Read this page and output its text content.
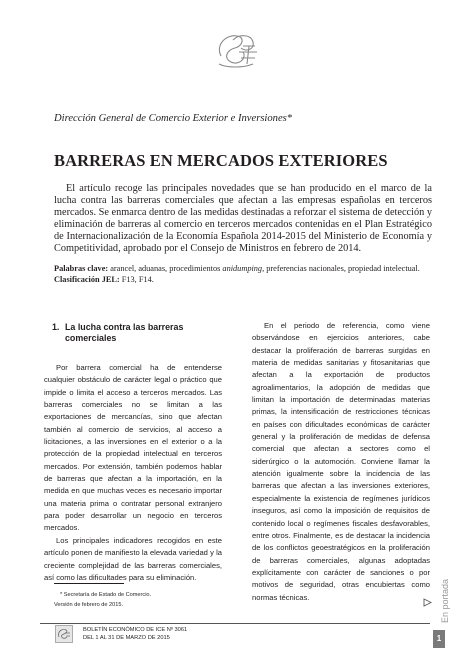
Dirección General de Comercio Exterior e Inversiones*
BARRERAS EN MERCADOS EXTERIORES

El artículo recoge las principales novedades que se han producido en el marco de la lucha contra las barreras comerciales que afectan a las empresas españolas en terceros mercados. Se enmarca dentro de las medidas destinadas a reforzar el sistema de detección y eliminación de barreras al comercio en terceros mercados contenidas en el Plan Estratégico de Internacionalización de la Economía Española 2014-2015 del Ministerio de Economía y Competitividad, aprobado por el Consejo de Ministros en febrero de 2014.

Palabras clave: arancel, aduanas, procedimientos anidumping, preferencias nacionales, propiedad intelectual.
Clasificación JEL: F13, F14.
1. La lucha contra las barreras comerciales

Por barrera comercial ha de entenderse cualquier obstáculo de carácter legal o práctico que impide o limita el acceso a terceros mercados. Las barreras comerciales no se limitan a las exportaciones de mercancías, sino que afectan también al comercio de servicios, al acceso a licitaciones, a las inversiones en el exterior o a la protección de la propiedad intelectual en terceros mercados. Por extensión, también podemos hablar de barreras que afectan a la importación, en la medida en que muchas veces es necesario importar una materia prima o contratar personal extranjero para poder desarrollar un negocio en terceros mercados.

Los principales indicadores recogidos en este artículo ponen de manifiesto la elevada variedad y la creciente complejidad de las barreras comerciales, así como las dificultades para su eliminación.

En el periodo de referencia, como viene observándose en ejercicios anteriores, cabe destacar la proliferación de barreras surgidas en materia de medidas sanitarias y fitosanitarias que afectan a la exportación de productos agroalimentarios, la adopción de medidas que limitan la importación de determinadas materias primas, la intensificación de restricciones técnicas en países con dificultades económicas de carácter general y la proliferación de medidas de defensa comercial que afectan a sectores como el siderúrgico o la automoción. Conviene llamar la atención igualmente sobre la incidencia de las barreras que afectan a las inversiones exteriores, especialmente la existencia de regímenes jurídicos inseguros, así como la imposición de requisitos de contenido local o regímenes fiscales desfavorables, entre otros. Finalmente, es de destacar la incidencia de los conflictos geoestratégicos en la proliferación de barreras comerciales, algunas adoptadas explícitamente con carácter de sanciones o por motivos de seguridad, otras encubiertas como normas técnicas.

* Secretaría de Estado de Comercio.
Versión de febrero de 2015.
BOLETÍN ECONÓMICO DE ICE Nº 3061
DEL 1 AL 31 DE MARZO DE 2015
En portada
1
